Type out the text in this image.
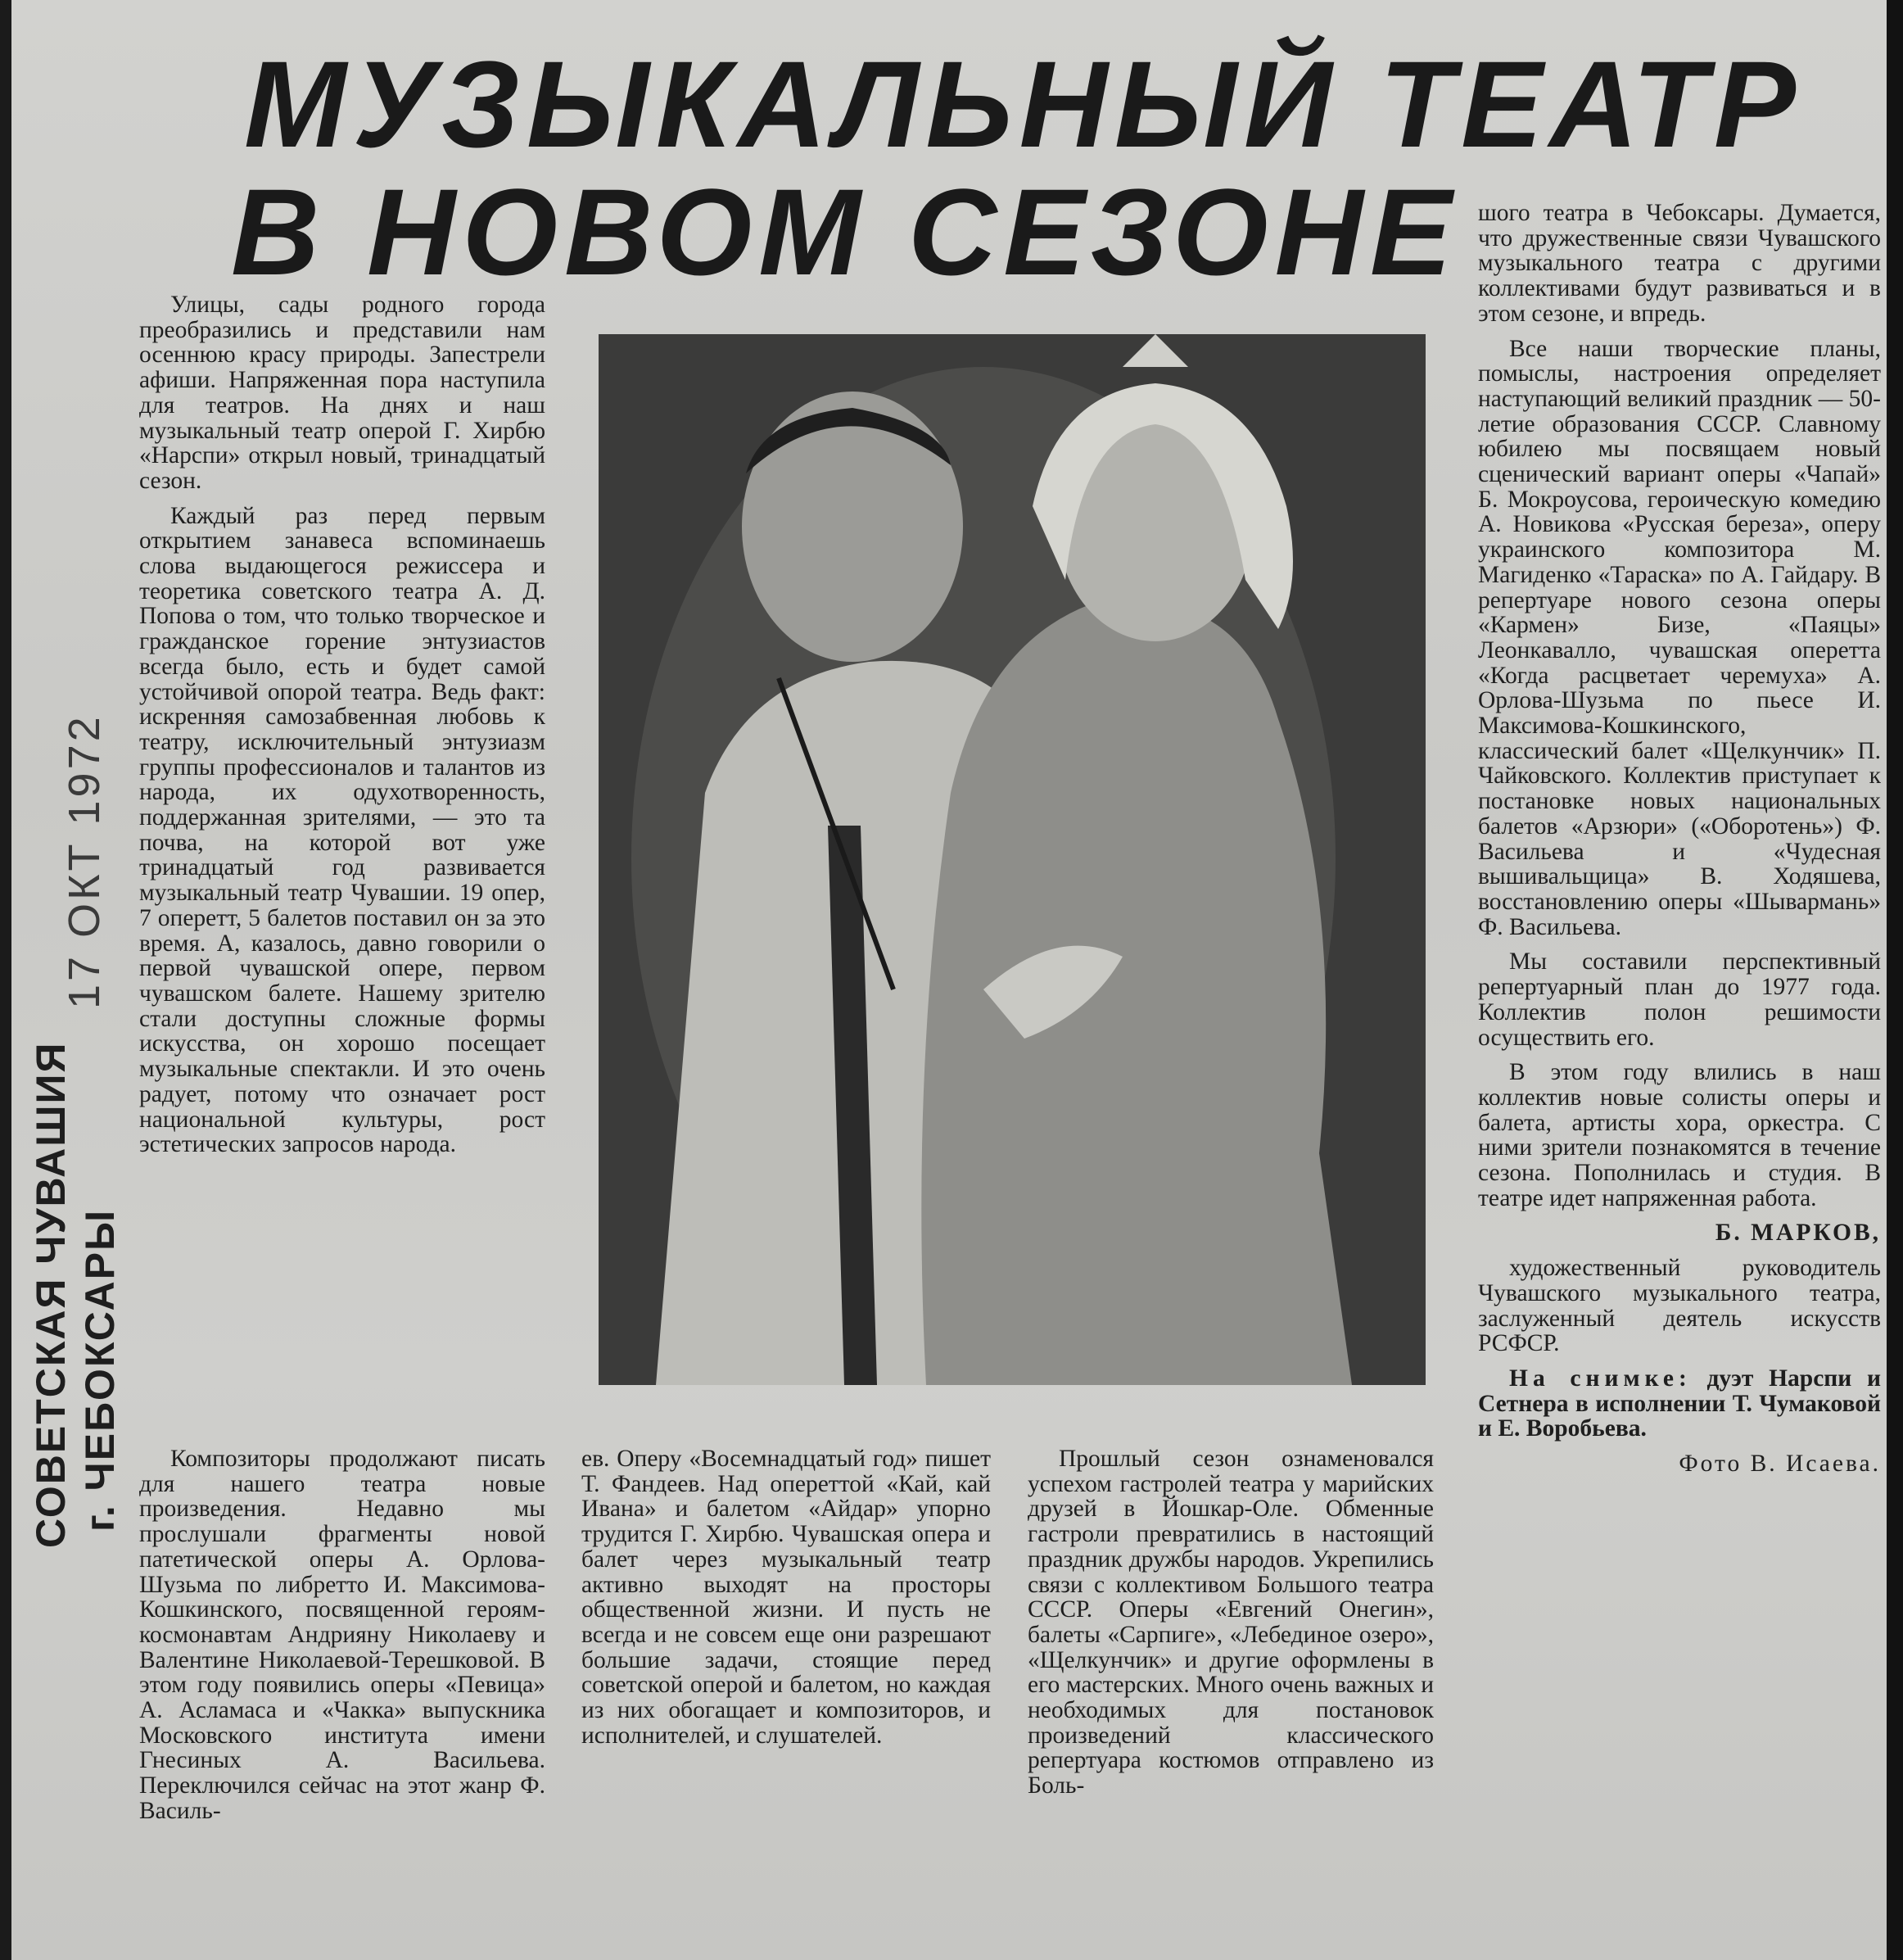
МУЗЫКАЛЬНЫЙ ТЕАТР
В НОВОМ СЕЗОНЕ
17 ОКТ 1972
СОВЕТСКАЯ ЧУВАШИЯ г. ЧЕБОКСАРЫ

Улицы, сады родного города преобразились и представили нам осеннюю красу природы. Запестрели афиши. Напряженная пора наступила для театров. На днях и наш музыкальный театр оперой Г. Хирбю «Нарспи» открыл новый, тринадцатый сезон.

Каждый раз перед первым открытием занавеса вспоминаешь слова выдающегося режиссера и теоретика советского театра А. Д. Попова о том, что только творческое и гражданское горение энтузиастов всегда было, есть и будет самой устойчивой опорой театра. Ведь факт: искренняя самозабвенная любовь к театру, исключительный энтузиазм группы профессионалов и талантов из народа, их одухотворенность, поддержанная зрителями, — это та почва, на которой вот уже тринадцатый год развивается музыкальный театр Чувашии. 19 опер, 7 оперетт, 5 балетов поставил он за это время. А, казалось, давно говорили о первой чувашской опере, первом чувашском балете. Нашему зрителю стали доступны сложные формы искусства, он хорошо посещает музыкальные спектакли. И это очень радует, потому что означает рост национальной культуры, рост эстетических запросов народа.

Композиторы продолжают писать для нашего театра новые произведения. Недавно мы прослушали фрагменты новой патетической оперы А. Орлова-Шузьма по либретто И. Максимова-Кошкинского, посвященной героям-космонавтам Андрияну Николаеву и Валентине Николаевой-Терешковой. В этом году появились оперы «Певица» А. Асламаса и «Чакка» выпускника Московского института имени Гнесиных А. Васильева. Переключился сейчас на этот жанр Ф. Василь-

ев. Оперу «Восемнадцатый год» пишет Т. Фандеев. Над опереттой «Кай, кай Ивана» и балетом «Айдар» упорно трудится Г. Хирбю. Чувашская опера и балет через музыкальный театр активно выходят на просторы общественной жизни. И пусть не всегда и не совсем еще они разрешают большие задачи, стоящие перед советской оперой и балетом, но каждая из них обогащает и композиторов, и исполнителей, и слушателей.

Прошлый сезон ознаменовался успехом гастролей театра у марийских друзей в Йошкар-Оле. Обменные гастроли превратились в настоящий праздник дружбы народов. Укрепились связи с коллективом Большого театра СССР. Оперы «Евгений Онегин», балеты «Сарпиге», «Лебединое озеро», «Щелкунчик» и другие оформлены в его мастерских. Много очень важных и необходимых для постановок произведений классического репертуара костюмов отправлено из Боль-

шого театра в Чебоксары. Думается, что дружественные связи Чувашского музыкального театра с другими коллективами будут развиваться и в этом сезоне, и впредь.

Все наши творческие планы, помыслы, настроения определяет наступающий великий праздник — 50-летие образования СССР. Славному юбилею мы посвящаем новый сценический вариант оперы «Чапай» Б. Мокроусова, героическую комедию А. Новикова «Русская береза», оперу украинского композитора М. Магиденко «Тараска» по А. Гайдару. В репертуаре нового сезона оперы «Кармен» Бизе, «Паяцы» Леонкавалло, чувашская оперетта «Когда расцветает черемуха» А. Орлова-Шузьма по пьесе И. Максимова-Кошкинского, классический балет «Щелкунчик» П. Чайковского. Коллектив приступает к постановке новых национальных балетов «Арзюри» («Оборотень») Ф. Васильева и «Чудесная вышивальщица» В. Ходяшева, восстановлению оперы «Шывармань» Ф. Васильева.

Мы составили перспективный репертуарный план до 1977 года. Коллектив полон решимости осуществить его.

В этом году влились в наш коллектив новые солисты оперы и балета, артисты хора, оркестра. С ними зрители познакомятся в течение сезона. Пополнилась и студия. В театре идет напряженная работа.

Б. МАРКОВ,

художественный руководитель Чувашского музыкального театра, заслуженный деятель искусств РСФСР.

На снимке: дуэт Нарспи и Сетнера в исполнении Т. Чумаковой и Е. Воробьева.

Фото В. Исаева.
